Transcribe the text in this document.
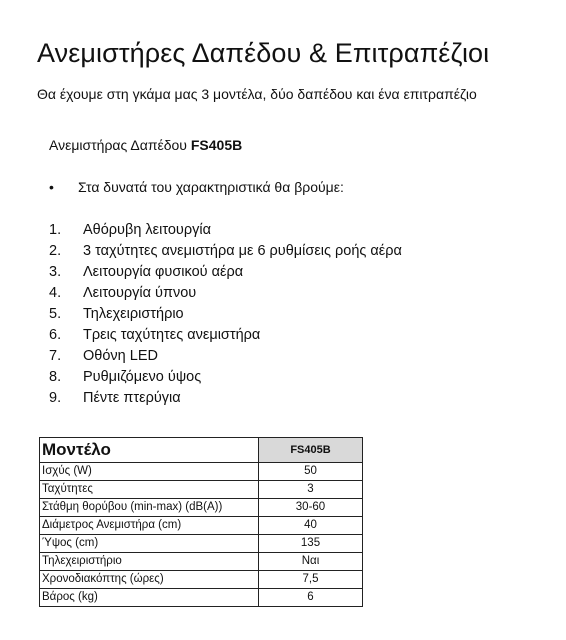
Ανεμιστήρες Δαπέδου & Επιτραπέζιοι
Θα έχουμε στη γκάμα μας 3 μοντέλα, δύο δαπέδου και ένα επιτραπέζιο
Ανεμιστήρας Δαπέδου FS405B
• Στα δυνατά του χαρακτηριστικά θα βρούμε:
1. Αθόρυβη λειτουργία
2. 3 ταχύτητες ανεμιστήρα με 6 ρυθμίσεις ροής αέρα
3. Λειτουργία φυσικού αέρα
4. Λειτουργία ύπνου
5. Τηλεχειριστήριο
6. Τρεις ταχύτητες ανεμιστήρα
7. Οθόνη LED
8. Ρυθμιζόμενο ύψος
9. Πέντε πτερύγια
Μοντέλο	FS405B
Ισχύς (W)	50
Ταχύτητες	3
Στάθμη θορύβου (min-max) (dB(A))	30-60
Διάμετρος Ανεμιστήρα (cm)	40
Ύψος (cm)	135
Τηλεχειριστήριο	Ναι
Χρονοδιακόπτης (ώρες)	7,5
Βάρος (kg)	6
